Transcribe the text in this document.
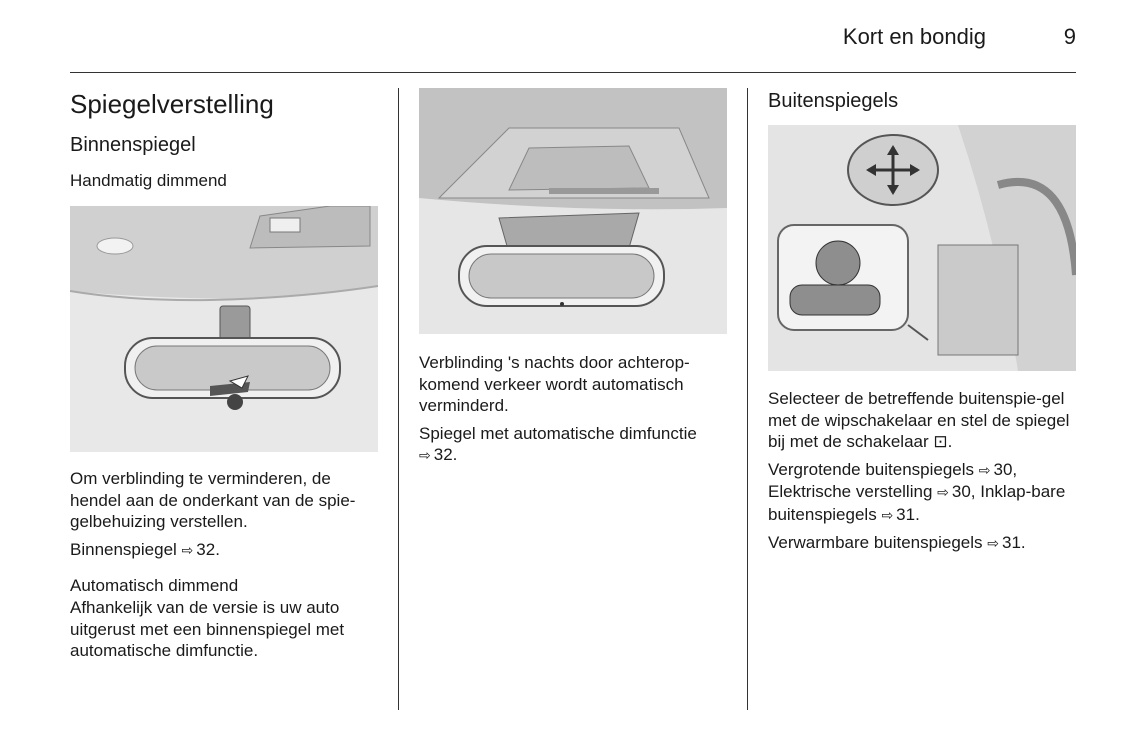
Kort en bondig	9
Spiegelverstelling
Binnenspiegel
Handmatig dimmend

Om verblinding te verminderen, de hendel aan de onderkant van de spie-gelbehuizing verstellen.

Binnenspiegel ⇨ 32.

Automatisch dimmend

Afhankelijk van de versie is uw auto uitgerust met een binnenspiegel met automatische dimfunctie.

Verblinding 's nachts door achterop-komend verkeer wordt automatisch verminderd.

Spiegel met automatische dimfunctie
⇨ 32.

Buitenspiegels

Selecteer de betreffende buitenspie-gel met de wipschakelaar en stel de spiegel bij met de schakelaar ⊡.

Vergrotende buitenspiegels ⇨ 30, Elektrische verstelling ⇨ 30, Inklap-bare buitenspiegels ⇨ 31.

Verwarmbare buitenspiegels ⇨ 31.
